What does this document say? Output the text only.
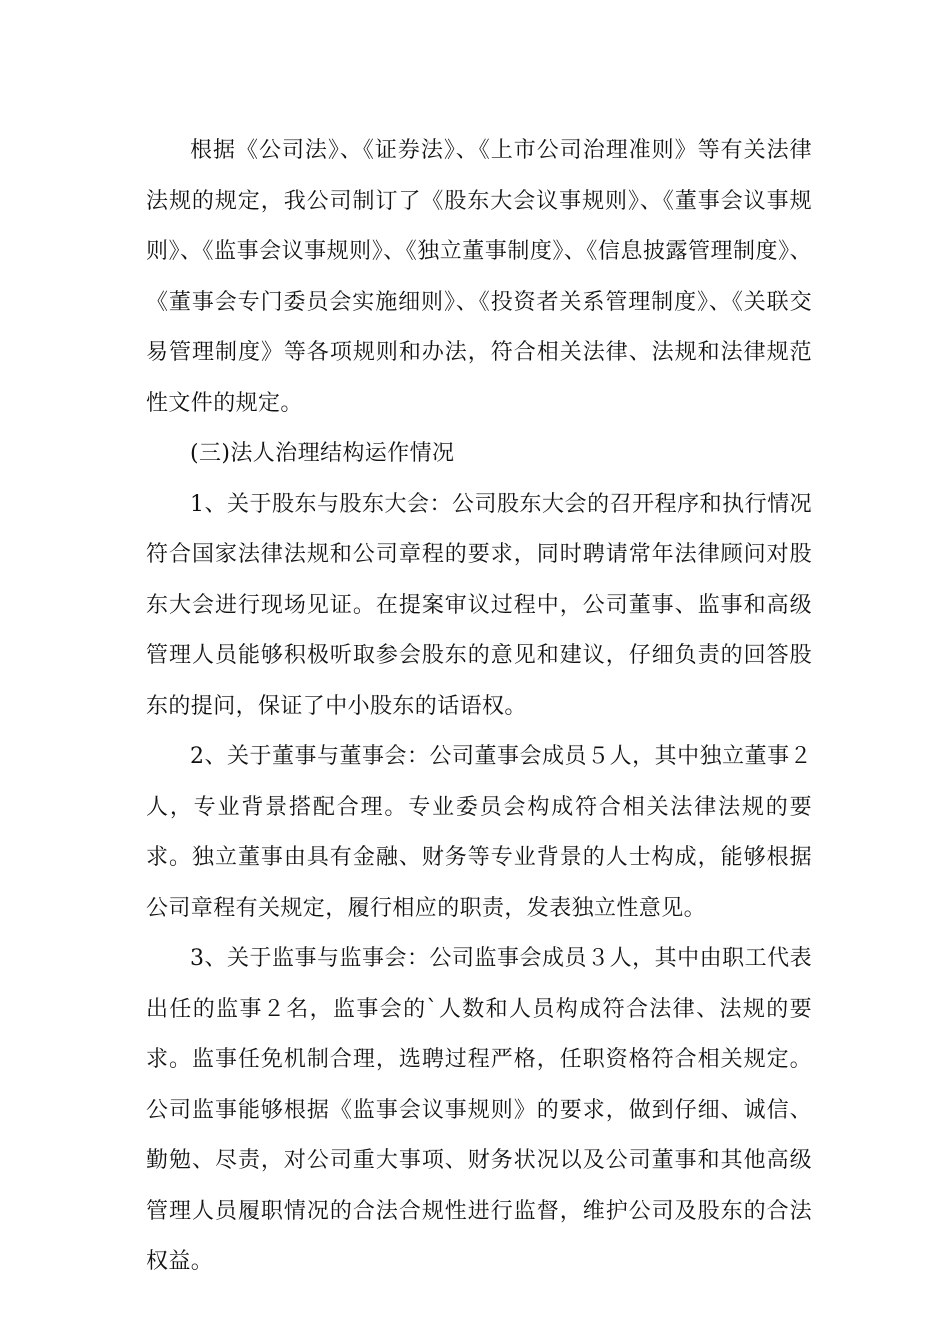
根据《公司法》、《证券法》、《上市公司治理准则》等有关法律法规的规定，我公司制订了《股东大会议事规则》、《董事会议事规则》、《监事会议事规则》、《独立董事制度》、《信息披露管理制度》、《董事会专门委员会实施细则》、《投资者关系管理制度》、《关联交易管理制度》等各项规则和办法，符合相关法律、法规和法律规范性文件的规定。

(三)法人治理结构运作情况

1、关于股东与股东大会：公司股东大会的召开程序和执行情况符合国家法律法规和公司章程的要求，同时聘请常年法律顾问对股东大会进行现场见证。在提案审议过程中，公司董事、监事和高级管理人员能够积极听取参会股东的意见和建议，仔细负责的回答股东的提问，保证了中小股东的话语权。

2、关于董事与董事会：公司董事会成员５人，其中独立董事２人，专业背景搭配合理。专业委员会构成符合相关法律法规的要求。独立董事由具有金融、财务等专业背景的人士构成，能够根据公司章程有关规定，履行相应的职责，发表独立性意见。

3、关于监事与监事会：公司监事会成员３人，其中由职工代表出任的监事２名，监事会的`人数和人员构成符合法律、法规的要求。监事任免机制合理，选聘过程严格，任职资格符合相关规定。公司监事能够根据《监事会议事规则》的要求，做到仔细、诚信、勤勉、尽责，对公司重大事项、财务状况以及公司董事和其他高级管理人员履职情况的合法合规性进行监督，维护公司及股东的合法权益。
